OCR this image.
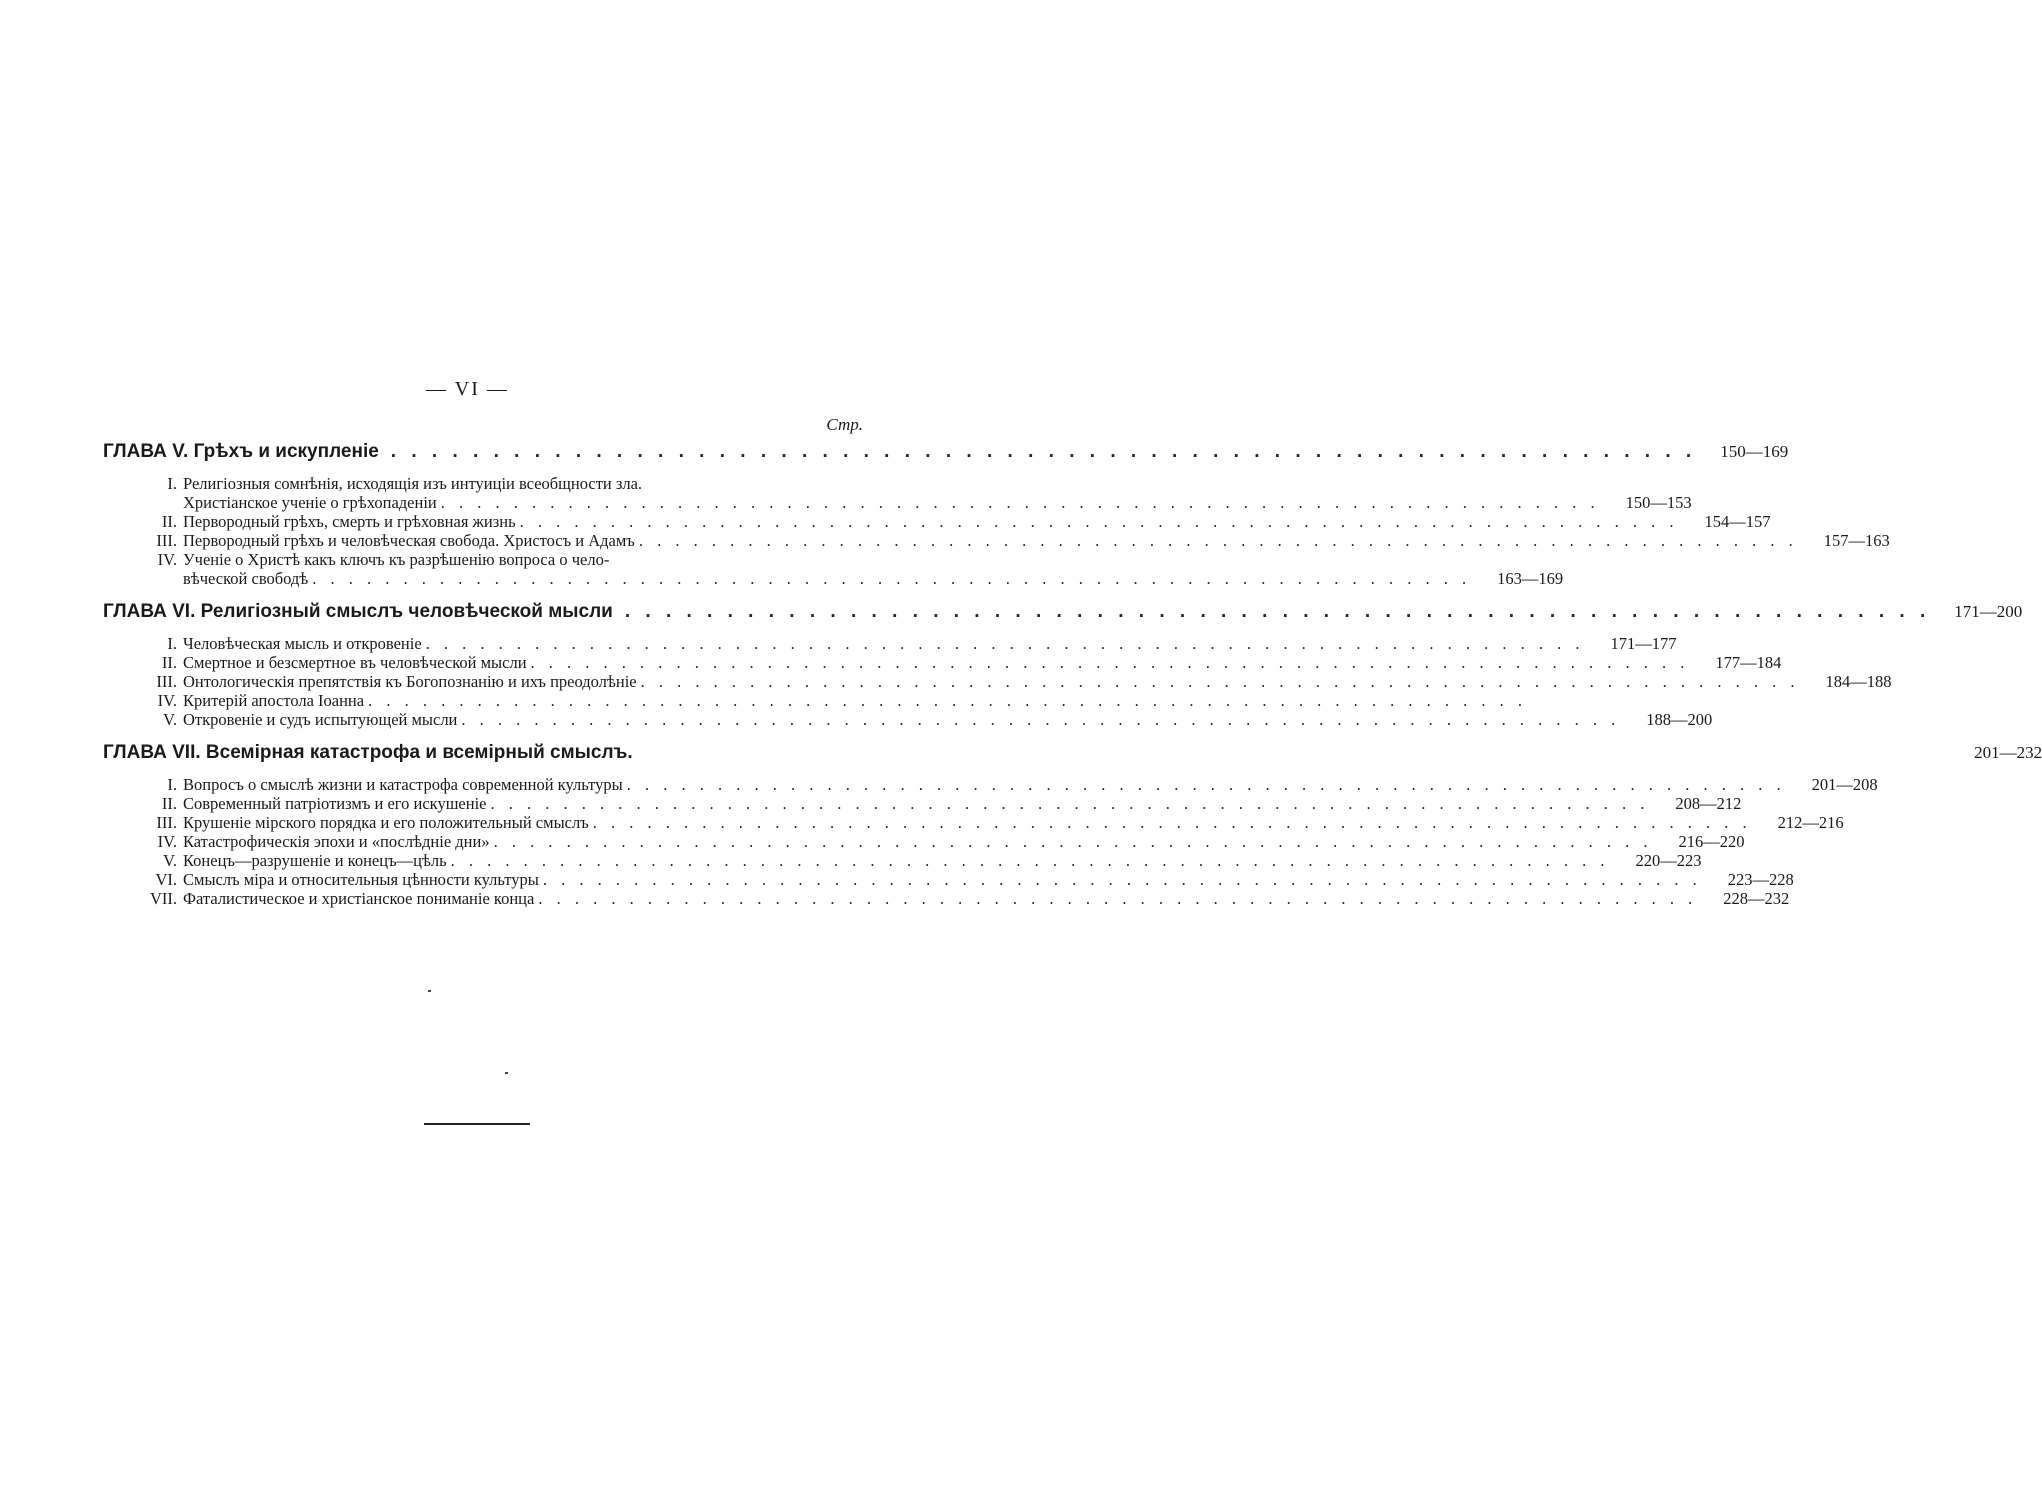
— VI —
Стр.
ГЛАВА V. Грѣхъ и искупленіе . . .	150—169
I. Религіозныя сомнѣнія, исходящія изъ интуиціи всеобщности зла.
Христіанское ученіе о грѣхопаденіи . . .	150—153
II. Первородный грѣхъ, смерть и грѣховная жизнь . . .	154—157
III. Первородный грѣхъ и человѣческая свобода. Христосъ и Адамъ . . .	157—163
IV. Ученіе о Христѣ какъ ключъ къ разрѣшенію вопроса о чело-
вѣческой свободѣ . . .	163—169
ГЛАВА VI. Религіозный смыслъ человѣческой мысли . . .	171—200
I. Человѣческая мысль и откровеніе . . .	171—177
II. Смертное и безсмертное въ человѣческой мысли . . .	177—184
III. Онтологическія препятствія къ Богопознанію и ихъ преодолѣніе . . .	184—188
IV. Критерій апостола Іоанна
. . .
V. Откровеніе и судъ испытующей мысли . . .	188—200
ГЛАВА VII. Всемірная катастрофа и всемірный смыслъ.	201—232
I. Вопросъ о смыслѣ жизни и катастрофа современной культуры . . .	201—208
II. Современный патріотизмъ и его искушеніе . . .	208—212
III. Крушеніе мірского порядка и его положительный смыслъ . . .	212—216
IV. Катастрофическія эпохи и «послѣдніе дни» . . .	216—220
V. Конецъ—разрушеніе и конецъ—цѣль . . .	220—223
VI. Смыслъ міра и относительныя цѣнности культуры . . .	223—228
VII. Фаталистическое и христіанское пониманіе конца . . .	228—232
